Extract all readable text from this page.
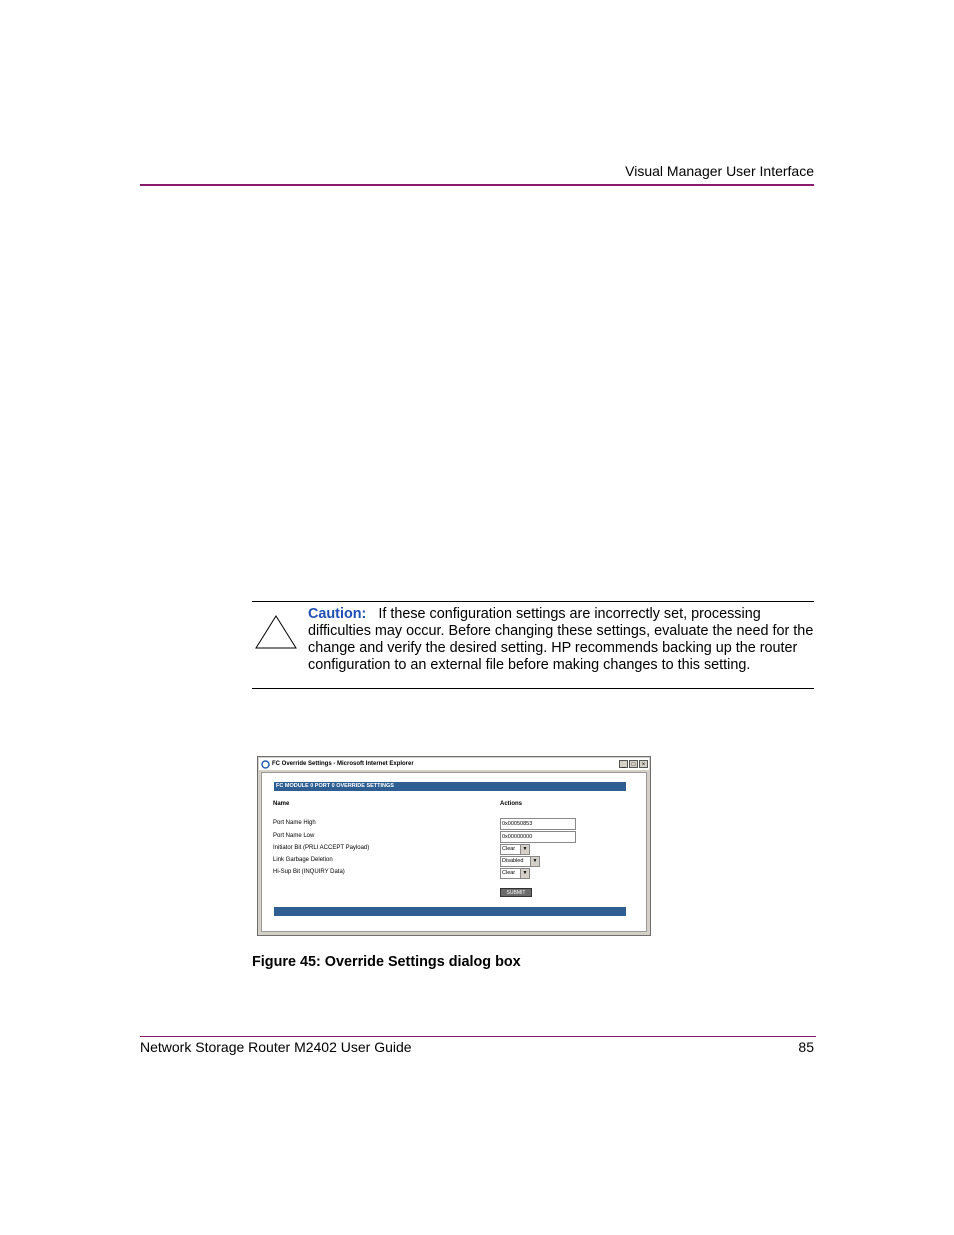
Visual Manager User Interface
Caution: If these configuration settings are incorrectly set, processing difficulties may occur. Before changing these settings, evaluate the need for the change and verify the desired setting. HP recommends backing up the router configuration to an external file before making changes to this setting.
FC Override Settings - Microsoft Internet Explorer	_	□	×
FC MODULE 0 PORT 0 OVERRIDE SETTINGS
Name	Actions
Port Name High	0x00050853
Port Name Low	0x00000000
Initiator Bit (PRLI ACCEPT Payload)	Clear	▼
Link Garbage Deletion	Disabled	▼
Hi-Sup Bit (INQUIRY Data)	Clear	▼
SUBMIT
Figure 45: Override Settings dialog box
Network Storage Router M2402 User Guide	85
